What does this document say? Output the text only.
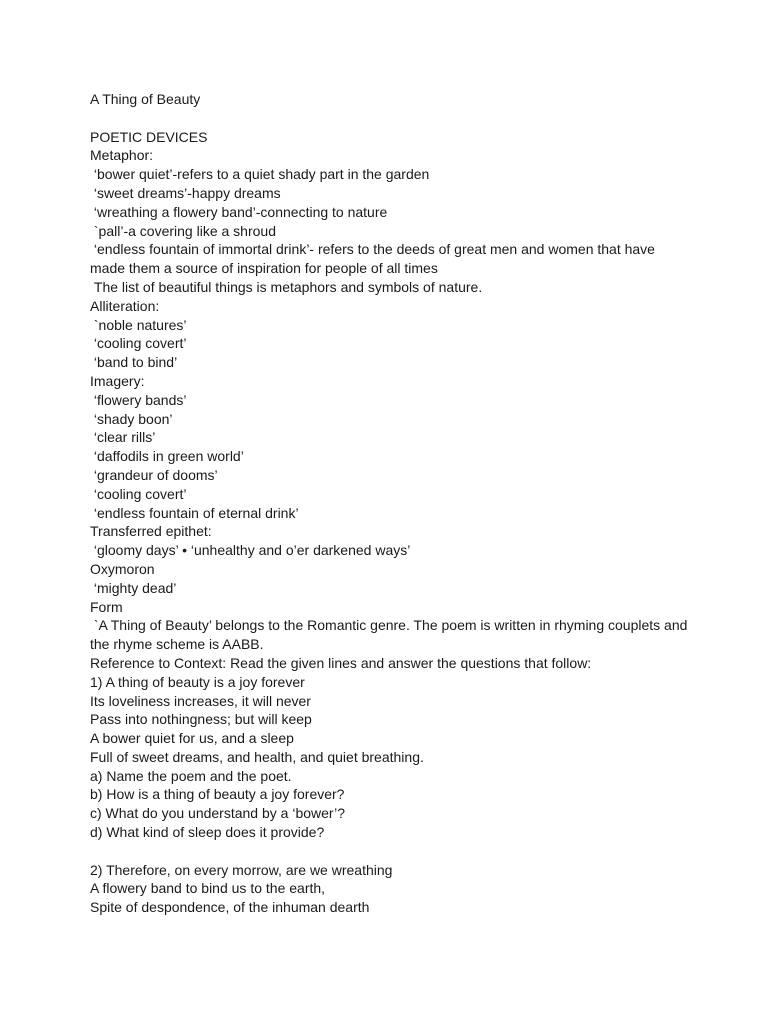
A Thing of Beauty
POETIC DEVICES
Metaphor:
‘bower quiet’-refers to a quiet shady part in the garden
‘sweet dreams’-happy dreams
‘wreathing a flowery band’-connecting to nature
`pall’-a covering like a shroud
‘endless fountain of immortal drink’- refers to the deeds of great men and women that have made them a source of inspiration for people of all times
The list of beautiful things is metaphors and symbols of nature.
Alliteration:
`noble natures’
‘cooling covert’
‘band to bind’
Imagery:
‘flowery bands’
‘shady boon’
‘clear rills’
‘daffodils in green world’
‘grandeur of dooms’
‘cooling covert’
‘endless fountain of eternal drink’
Transferred epithet:
‘gloomy days’ • ‘unhealthy and o’er darkened ways’
Oxymoron
‘mighty dead’
Form
`A Thing of Beauty’ belongs to the Romantic genre. The poem is written in rhyming couplets and the rhyme scheme is AABB.
Reference to Context: Read the given lines and answer the questions that follow:
1) A thing of beauty is a joy forever
Its loveliness increases, it will never
Pass into nothingness; but will keep
A bower quiet for us, and a sleep
Full of sweet dreams, and health, and quiet breathing.
a) Name the poem and the poet.
b) How is a thing of beauty a joy forever?
c) What do you understand by a ‘bower’?
d) What kind of sleep does it provide?
2) Therefore, on every morrow, are we wreathing
A flowery band to bind us to the earth,
Spite of despondence, of the inhuman dearth
